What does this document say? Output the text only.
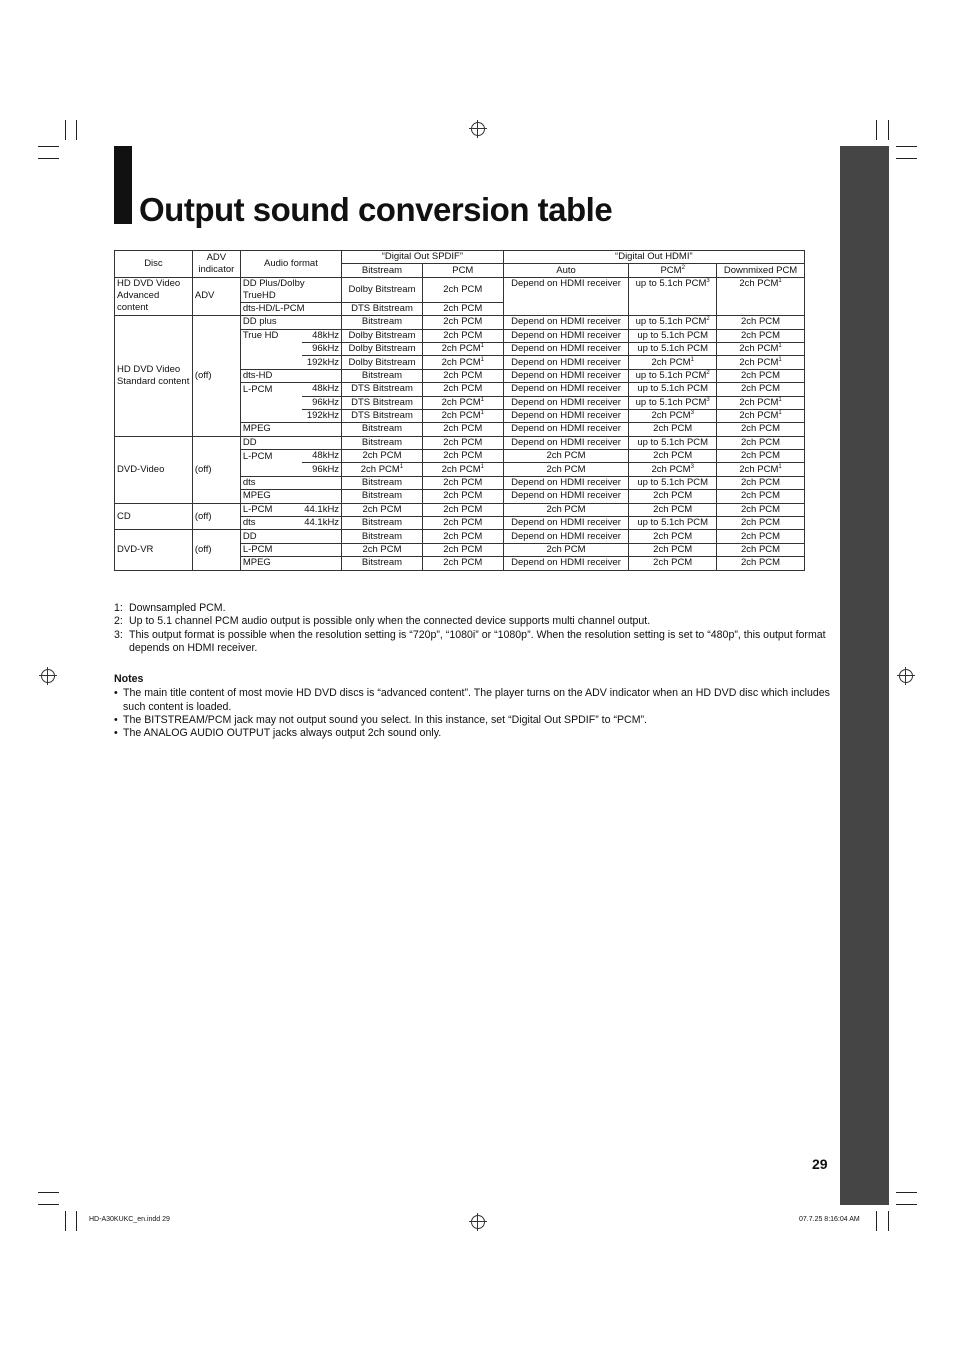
Output sound conversion table
Disc	ADV indicator	Audio format		“Digital Out SPDIF”		“Digital Out HDMI”		
				Bitstream	PCM	Auto	PCM$^2$	Downmixed PCM
HD DVD Video Advanced content	ADV	DD Plus/Dolby TrueHD		Dolby Bitstream	2ch PCM	Depend on HDMI receiver	up to 5.1ch PCM$^3$	2ch PCM$^1$
		dts-HD/L-PCM		DTS Bitstream	2ch PCM			
HD DVD Video Standard content	(off)	DD plus		Bitstream	2ch PCM	Depend on HDMI receiver	up to 5.1ch PCM$^2$	2ch PCM
		True HD	48kHz	Dolby Bitstream	2ch PCM	Depend on HDMI receiver	up to 5.1ch PCM	2ch PCM
			96kHz	Dolby Bitstream	2ch PCM$^1$	Depend on HDMI receiver	up to 5.1ch PCM	2ch PCM$^1$
			192kHz	Dolby Bitstream	2ch PCM$^1$	Depend on HDMI receiver	2ch PCM$^1$	2ch PCM$^1$
		dts-HD		Bitstream	2ch PCM	Depend on HDMI receiver	up to 5.1ch PCM$^2$	2ch PCM
		L-PCM	48kHz	DTS Bitstream	2ch PCM	Depend on HDMI receiver	up to 5.1ch PCM	2ch PCM
			96kHz	DTS Bitstream	2ch PCM$^1$	Depend on HDMI receiver	up to 5.1ch PCM$^3$	2ch PCM$^1$
			192kHz	DTS Bitstream	2ch PCM$^1$	Depend on HDMI receiver	2ch PCM$^3$	2ch PCM$^1$
		MPEG		Bitstream	2ch PCM	Depend on HDMI receiver	2ch PCM	2ch PCM
DVD-Video	(off)	DD		Bitstream	2ch PCM	Depend on HDMI receiver	up to 5.1ch PCM	2ch PCM
		L-PCM	48kHz	2ch PCM	2ch PCM	2ch PCM	2ch PCM	2ch PCM
			96kHz	2ch PCM$^1$	2ch PCM$^1$	2ch PCM	2ch PCM$^3$	2ch PCM$^1$
		dts		Bitstream	2ch PCM	Depend on HDMI receiver	up to 5.1ch PCM	2ch PCM
		MPEG		Bitstream	2ch PCM	Depend on HDMI receiver	2ch PCM	2ch PCM
CD	(off)	L-PCM	44.1kHz	2ch PCM	2ch PCM	2ch PCM	2ch PCM	2ch PCM
		dts	44.1kHz	Bitstream	2ch PCM	Depend on HDMI receiver	up to 5.1ch PCM	2ch PCM
DVD-VR	(off)	DD		Bitstream	2ch PCM	Depend on HDMI receiver	2ch PCM	2ch PCM
		L-PCM		2ch PCM	2ch PCM	2ch PCM	2ch PCM	2ch PCM
		MPEG		Bitstream	2ch PCM	Depend on HDMI receiver	2ch PCM	2ch PCM
1: Downsampled PCM.
2: Up to 5.1 channel PCM audio output is possible only when the connected device supports multi channel output.
3: This output format is possible when the resolution setting is “720p”, “1080i” or “1080p”. When the resolution setting is set to “480p”, this output format depends on HDMI receiver.
Notes
• The main title content of most movie HD DVD discs is “advanced content”. The player turns on the ADV indicator when an HD DVD disc which includes such content is loaded.
• The BITSTREAM/PCM jack may not output sound you select. In this instance, set “Digital Out SPDIF” to “PCM”.
• The ANALOG AUDIO OUTPUT jacks always output 2ch sound only.
29
HD-A30KUKC_en.indd 29	07.7.25 8:16:04 AM
